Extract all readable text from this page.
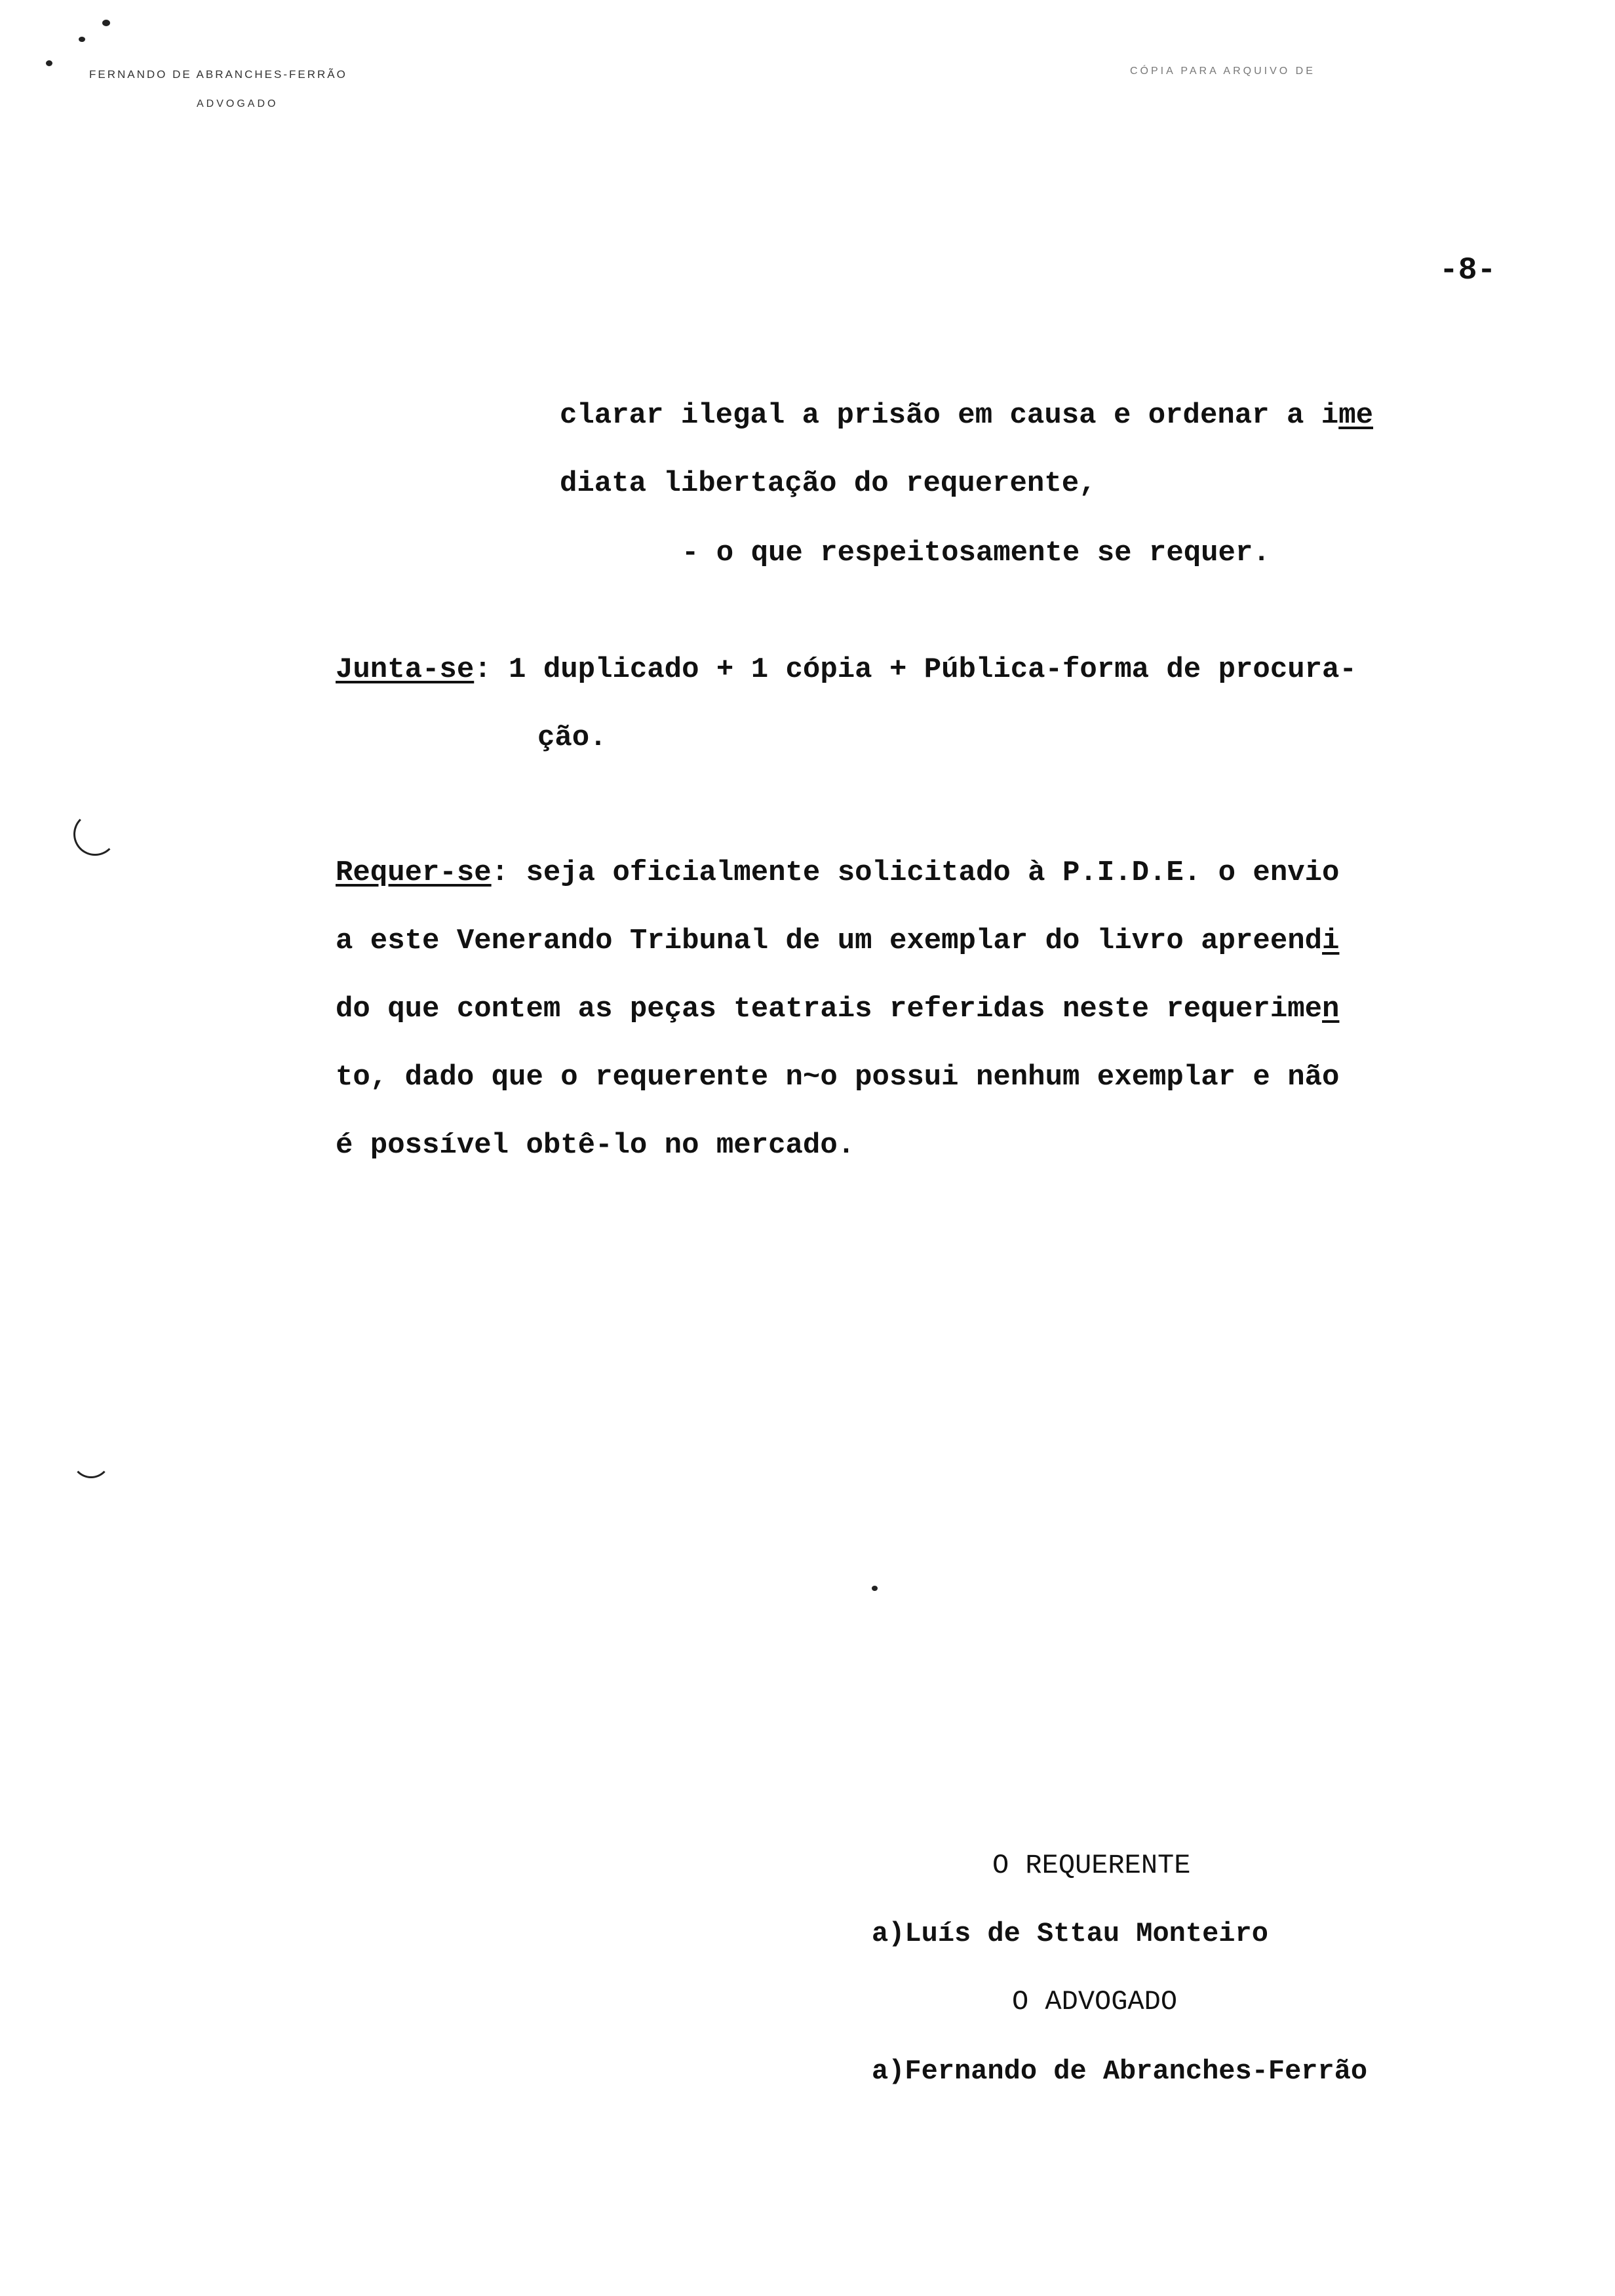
FERNANDO DE ABRANCHES-FERRÃO
ADVOGADO
CÓPIA PARA ARQUIVO DE
-8-
clarar ilegal a prisão em causa e ordenar a ime
diata libertação do requerente,
- o que respeitosamente se requer.
Junta-se: 1 duplicado + 1 cópia + Pública-forma de procura-
ção.
Requer-se: seja oficialmente solicitado à P.I.D.E. o envio
a este Venerando Tribunal de um exemplar do livro apreendi
do que contem as peças teatrais referidas neste requerimen
to, dado que o requerente n~o possui nenhum exemplar e não
é possível obtê-lo no mercado.
O REQUERENTE
a)Luís de Sttau Monteiro
O ADVOGADO
a)Fernando de Abranches-Ferrão
